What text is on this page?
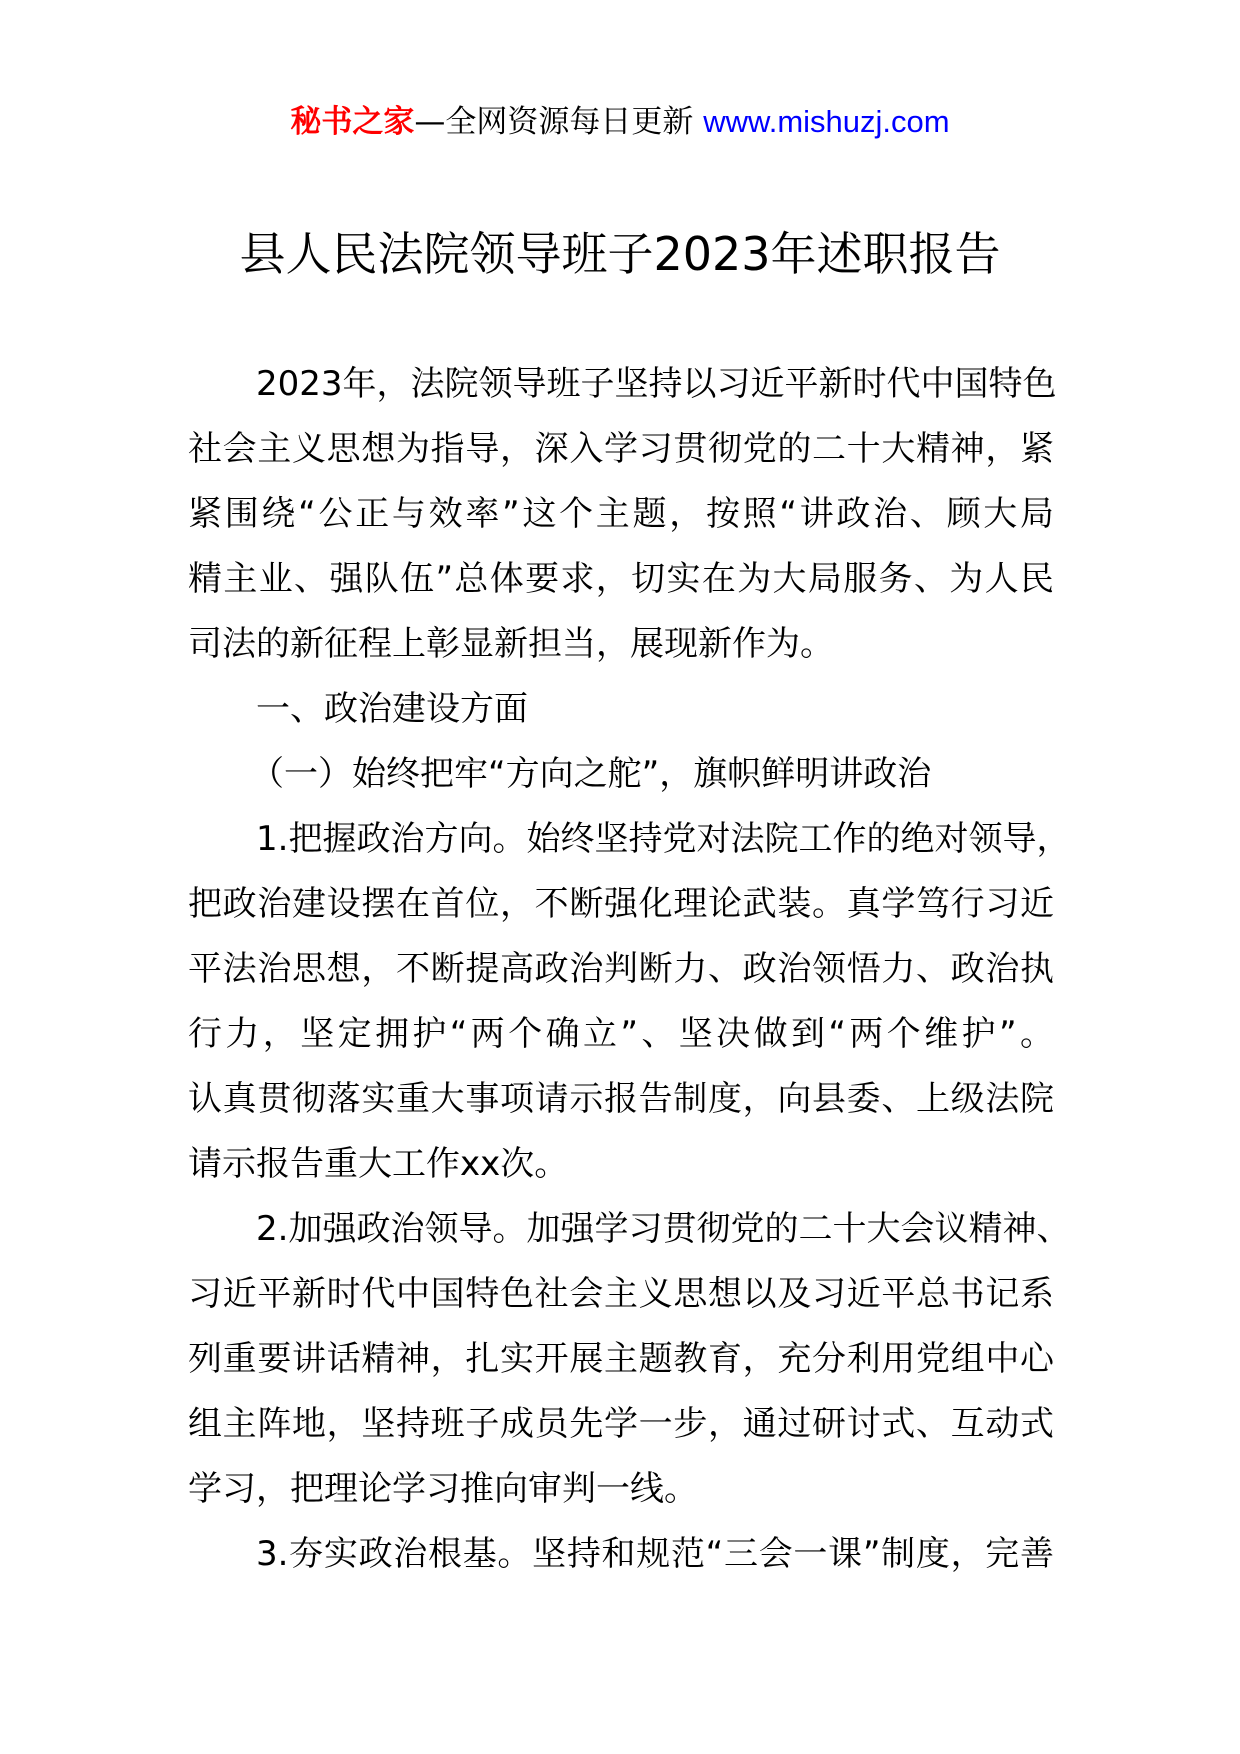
秘书之家—全网资源每日更新 www.mishuzj.com
县人民法院领导班子2023年述职报告

2023年，法院领导班子坚持以习近平新时代中国特色

社会主义思想为指导，深入学习贯彻党的二十大精神，紧

紧围绕“公正与效率”这个主题，按照“讲政治、顾大局

精主业、强队伍”总体要求，切实在为大局服务、为人民

司法的新征程上彰显新担当，展现新作为。

一、政治建设方面

（一）始终把牢“方向之舵”，旗帜鲜明讲政治

1.把握政治方向。始终坚持党对法院工作的绝对领导，

把政治建设摆在首位，不断强化理论武装。真学笃行习近

平法治思想，不断提高政治判断力、政治领悟力、政治执

行力，坚定拥护“两个确立”、坚决做到“两个维护”。

认真贯彻落实重大事项请示报告制度，向县委、上级法院

请示报告重大工作xx次。

2.加强政治领导。加强学习贯彻党的二十大会议精神、

习近平新时代中国特色社会主义思想以及习近平总书记系

列重要讲话精神，扎实开展主题教育，充分利用党组中心

组主阵地，坚持班子成员先学一步，通过研讨式、互动式

学习，把理论学习推向审判一线。

3.夯实政治根基。坚持和规范“三会一课”制度，完善
